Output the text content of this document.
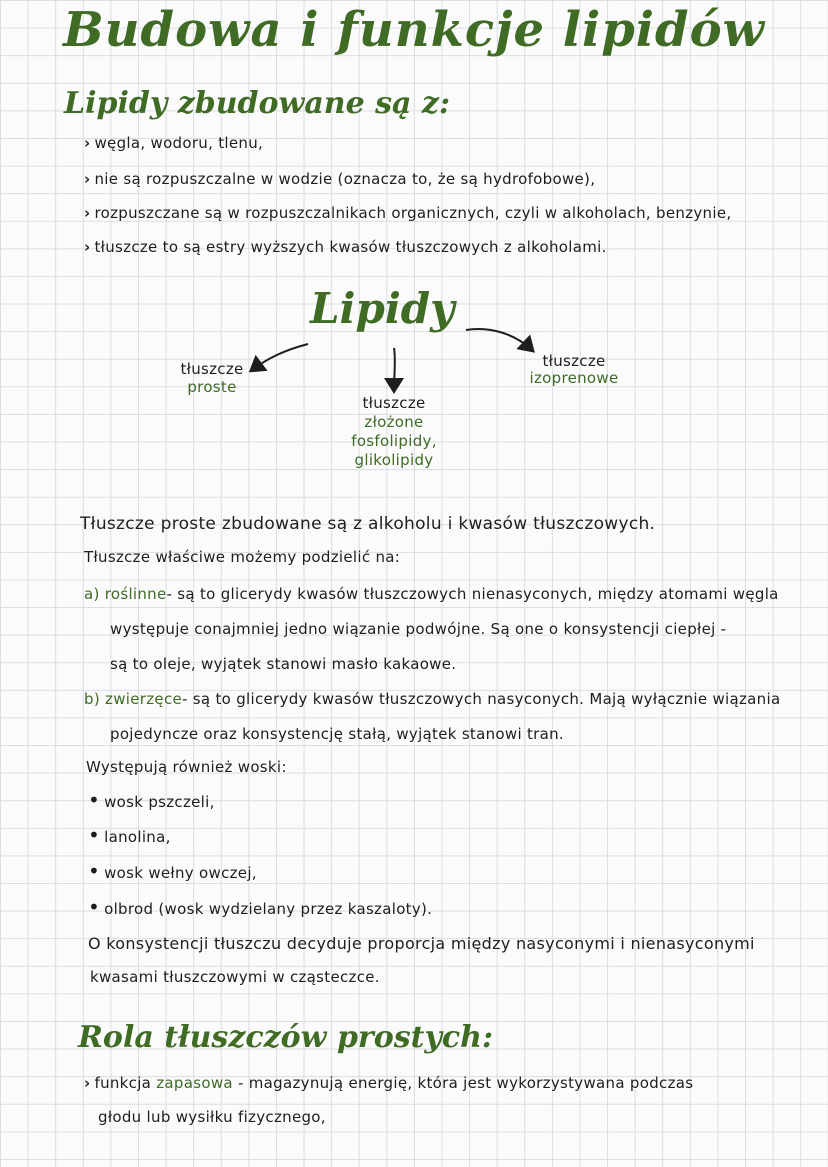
Budowa i funkcje lipidów
Lipidy zbudowane są z:
› węgla, wodoru, tlenu,
› nie są rozpuszczalne w wodzie (oznacza to, że są hydrofobowe),
› rozpuszczane są w rozpuszczalnikach organicznych, czyli w alkoholach, benzynie,
› tłuszcze to są estry wyższych kwasów tłuszczowych z alkoholami.
Lipidy
tłuszcze
proste
tłuszcze
złożone
fosfolipidy,
glikolipidy
tłuszcze
izoprenowe
Tłuszcze proste zbudowane są z alkoholu i kwasów tłuszczowych.
Tłuszcze właściwe możemy podzielić na:
a) roślinne- są to glicerydy kwasów tłuszczowych nienasyconych, między atomami węgla
występuje conajmniej jedno wiązanie podwójne. Są one o konsystencji ciepłej -
są to oleje, wyjątek stanowi masło kakaowe.
b) zwierzęce- są to glicerydy kwasów tłuszczowych nasyconych. Mają wyłącznie wiązania
pojedyncze oraz konsystencję stałą, wyjątek stanowi tran.
Występują również woski:
• wosk pszczeli,
• lanolina,
• wosk wełny owczej,
• olbrod (wosk wydzielany przez kaszaloty).
O konsystencji tłuszczu decyduje proporcja między nasyconymi i nienasyconymi
kwasami tłuszczowymi w cząsteczce.
Rola tłuszczów prostych:
› funkcja zapasowa - magazynują energię, która jest wykorzystywana podczas
głodu lub wysiłku fizycznego,
